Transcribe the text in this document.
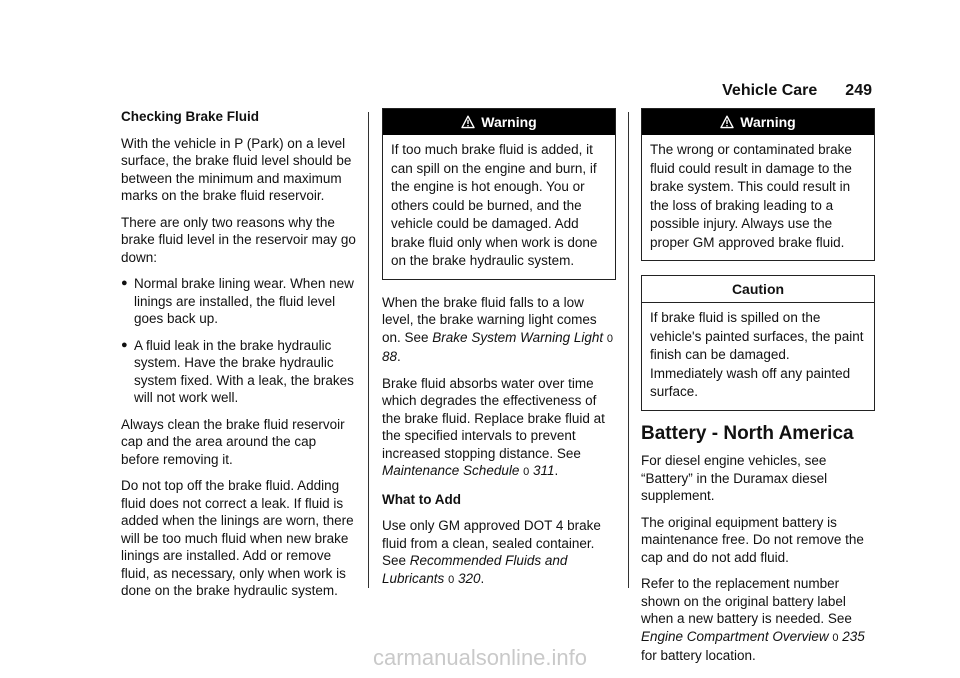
Vehicle Care 249

Checking Brake Fluid

With the vehicle in P (Park) on a level surface, the brake fluid level should be between the minimum and maximum marks on the brake fluid reservoir.

There are only two reasons why the brake fluid level in the reservoir may go down:

● Normal brake lining wear. When new linings are installed, the fluid level goes back up.
● A fluid leak in the brake hydraulic system. Have the brake hydraulic system fixed. With a leak, the brakes will not work well.

Always clean the brake fluid reservoir cap and the area around the cap before removing it.

Do not top off the brake fluid. Adding fluid does not correct a leak. If fluid is added when the linings are worn, there will be too much fluid when new brake linings are installed. Add or remove fluid, as necessary, only when work is done on the brake hydraulic system.

Warning
If too much brake fluid is added, it can spill on the engine and burn, if the engine is hot enough. You or others could be burned, and the vehicle could be damaged. Add brake fluid only when work is done on the brake hydraulic system.

When the brake fluid falls to a low level, the brake warning light comes on. See Brake System Warning Light 0 88.

Brake fluid absorbs water over time which degrades the effectiveness of the brake fluid. Replace brake fluid at the specified intervals to prevent increased stopping distance. See Maintenance Schedule 0 311.

What to Add

Use only GM approved DOT 4 brake fluid from a clean, sealed container. See Recommended Fluids and Lubricants 0 320.

Warning
The wrong or contaminated brake fluid could result in damage to the brake system. This could result in the loss of braking leading to a possible injury. Always use the proper GM approved brake fluid.
Caution
If brake fluid is spilled on the vehicle's painted surfaces, the paint finish can be damaged. Immediately wash off any painted surface.
Battery - North America

For diesel engine vehicles, see “Battery” in the Duramax diesel supplement.

The original equipment battery is maintenance free. Do not remove the cap and do not add fluid.

Refer to the replacement number shown on the original battery label when a new battery is needed. See Engine Compartment Overview 0 235 for battery location.

carmanualsonline.info
